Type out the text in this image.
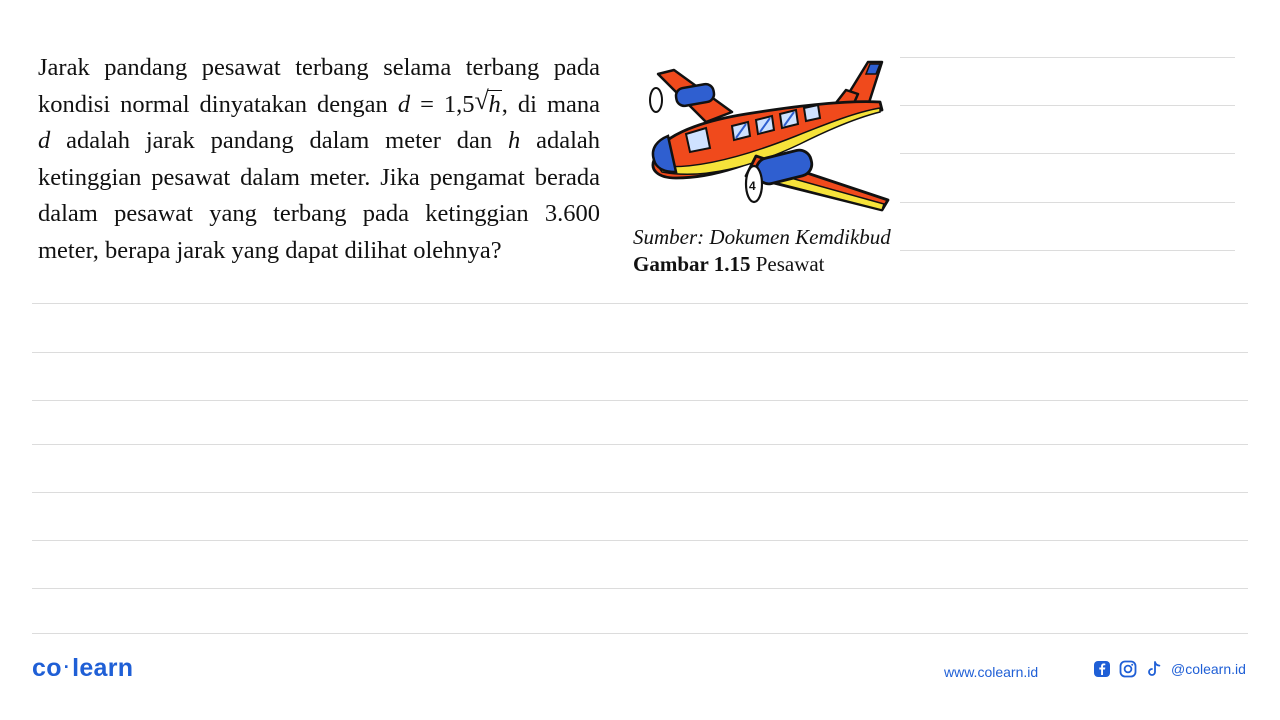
Jarak pandang pesawat terbang selama terbang pada
kondisi normal dinyatakan dengan d = 1,5 √ h, di mana
d adalah jarak pandang dalam meter dan h adalah
ketinggian pesawat dalam meter. Jika pengamat berada
dalam pesawat yang terbang pada ketinggian 3.600
meter, berapa jarak yang dapat dilihat olehnya?
4
Sumber: Dokumen Kemdikbud
Gambar 1.15 Pesawat
co ·learn	www.colearn.id	@colearn.id
